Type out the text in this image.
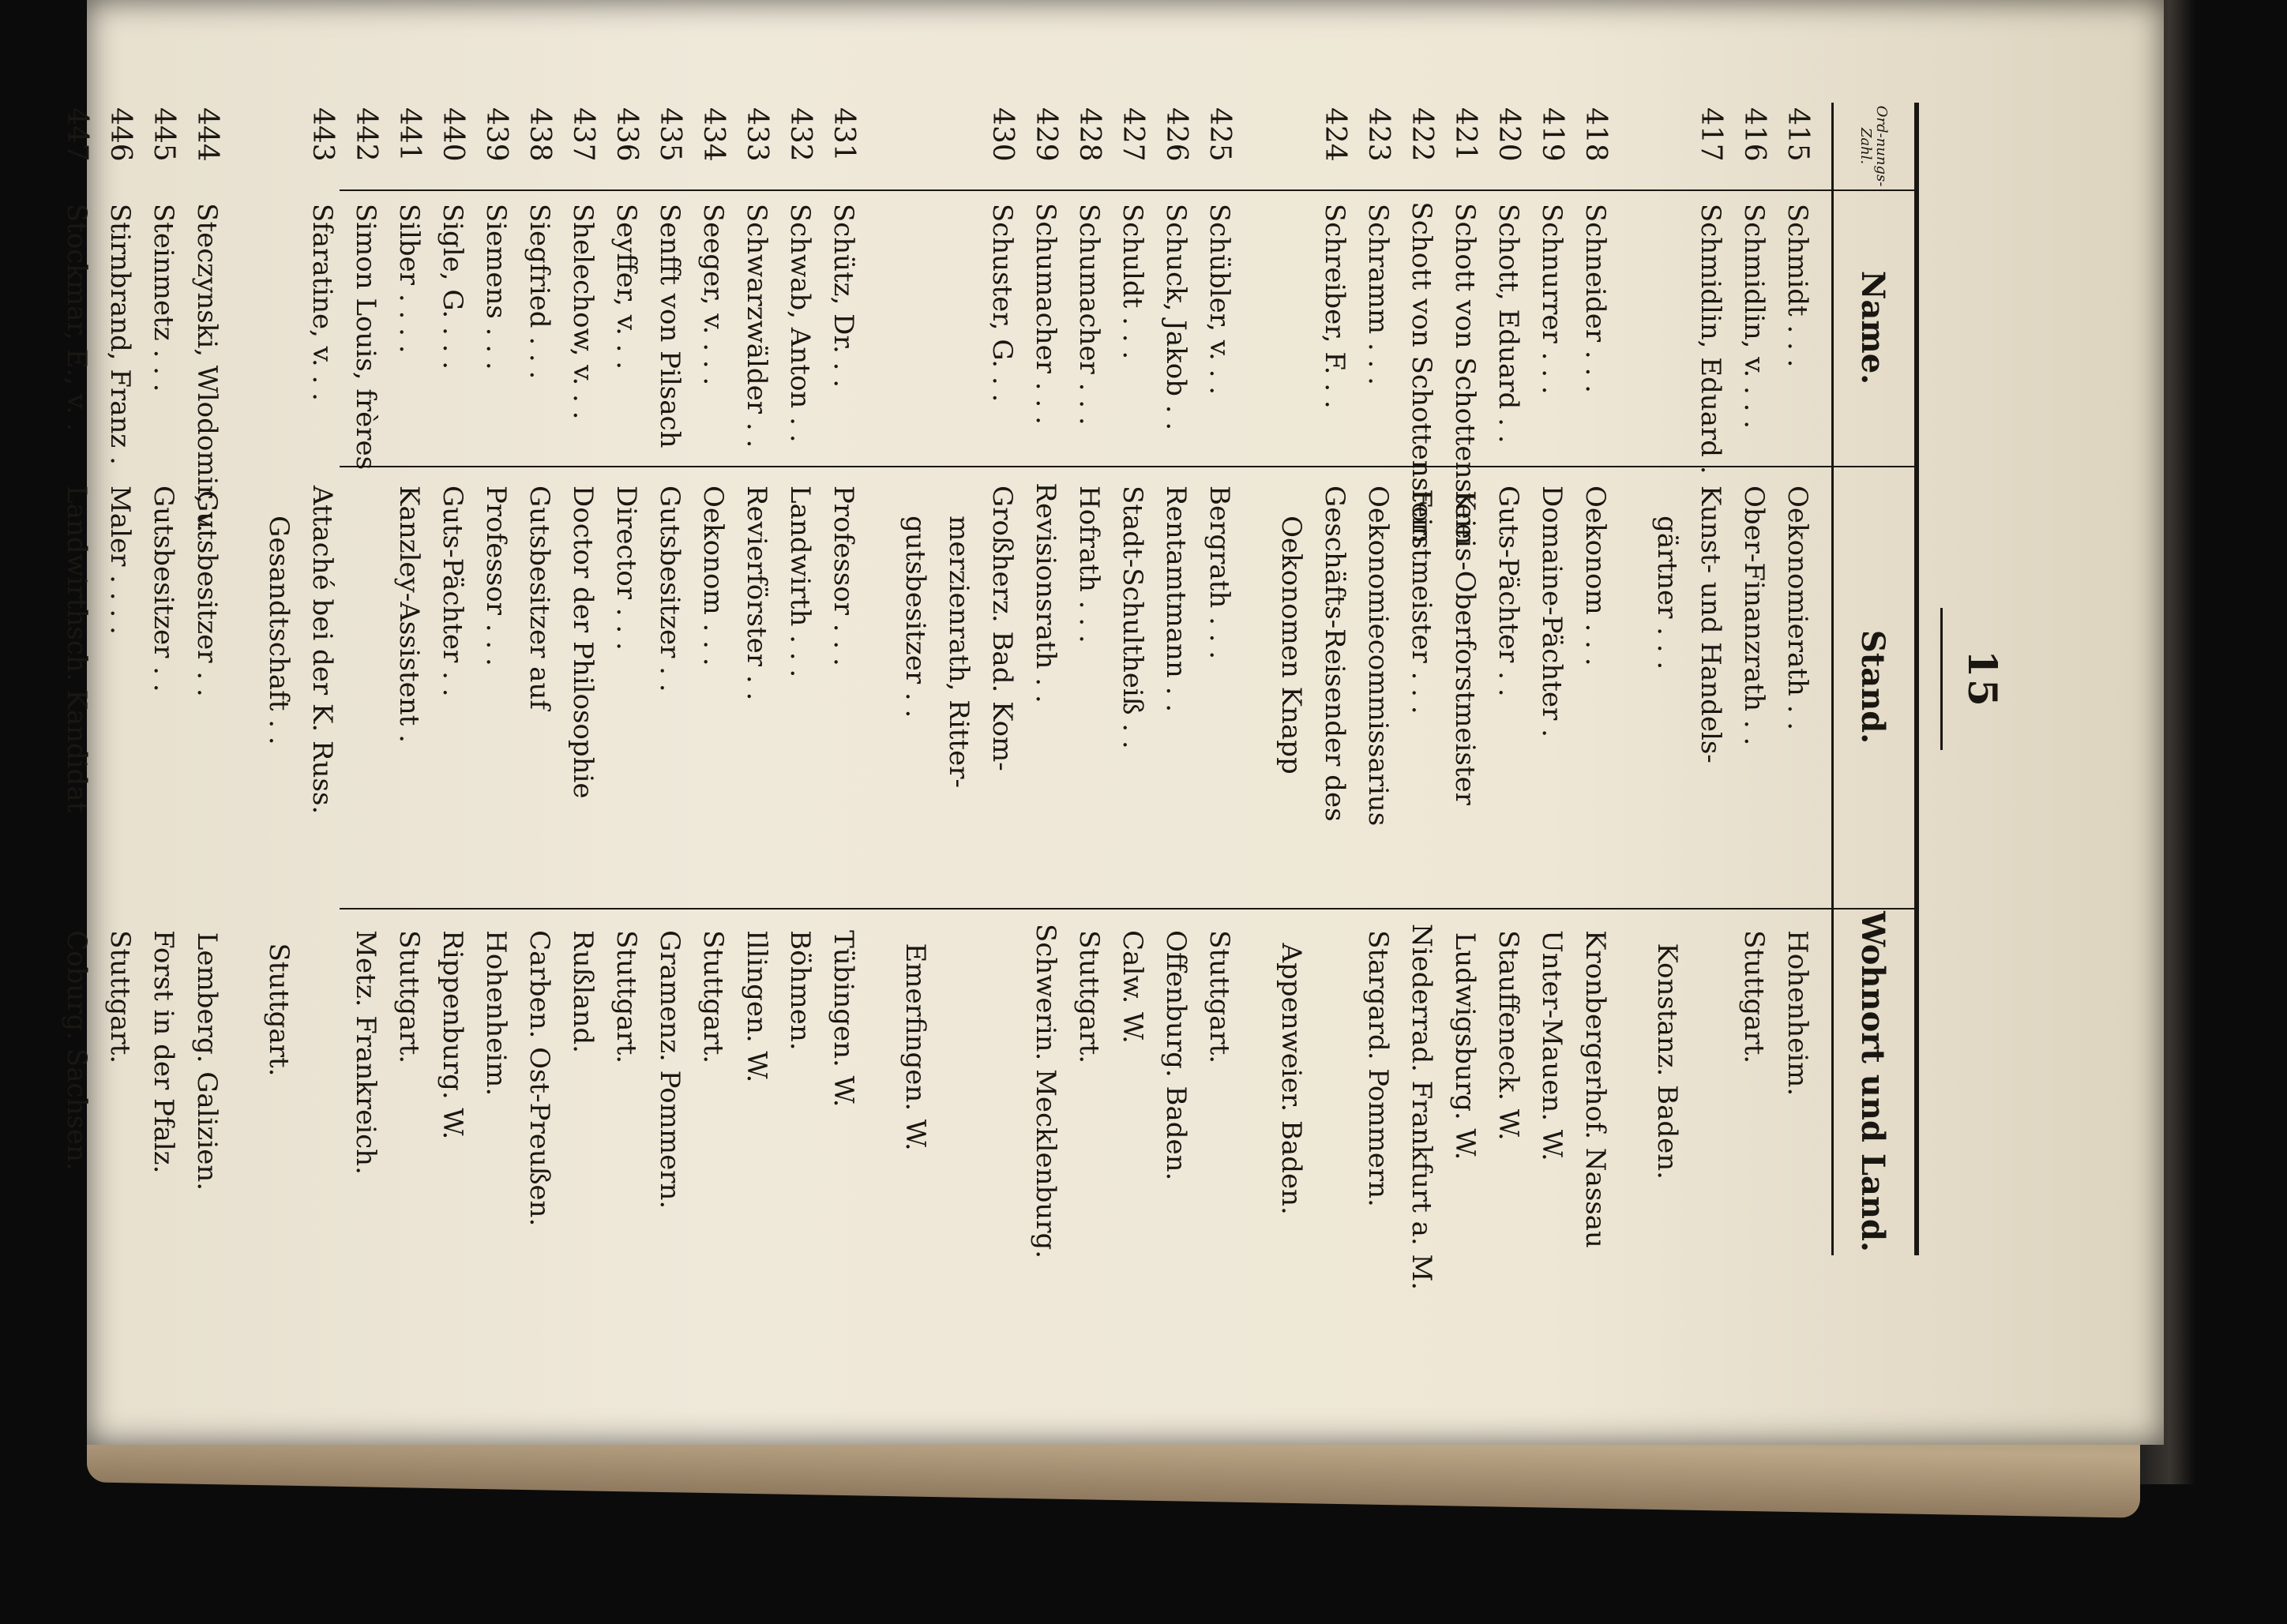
15
Ord-nungs-Zahl.
Name.
Stand.
Wohnort und Land.
415
Schmidt . . .
Oekonomierath . .
Hohenheim.
416
Schmidlin, v. . . .
Ober-Finanzrath . .
Stuttgart.
417
Schmidlin, Eduard .
Kunst- und Handels-
gärtner . . .
Konstanz. Baden.
418
Schneider . . .
Oekonom . . .
Kronbergerhof. Nassau
419
Schnurrer . . .
Domaine-Pächter .
Unter-Mauen. W.
420
Schott, Eduard . .
Guts-Pächter . .
Stauffeneck. W.
421
Schott von Schottenstein
Kreis-Oberforstmeister
Ludwigsburg. W.
422
Schott von Schottenstein
Forstmeister . . .
Niederrad. Frankfurt a. M.
423
Schramm . . .
Oekonomiecommissarius
Stargard. Pommern.
424
Schreiber, F. . .
Geschäfts-Reisender des
Oekonomen Knapp
Appenweier. Baden.
425
Schübler, v. . .
Bergrath . . .
Stuttgart.
426
Schuck, Jakob . .
Rentamtmann . .
Offenburg. Baden.
427
Schuldt . . .
Stadt-Schultheiß . .
Calw. W.
428
Schumacher . . .
Hofrath . . .
Stuttgart.
429
Schumacher . . .
Revisionsrath . .
Schwerin. Mecklenburg.
430
Schuster, G. . .
Großherz. Bad. Kom-
merzienrath, Ritter-
gutsbesitzer . .
Emerfingen. W.
431
Schütz, Dr. . .
Professor . . .
Tübingen. W.
432
Schwab, Anton . .
Landwirth . . .
Böhmen.
433
Schwarzwälder . .
Revierförster . .
Illingen. W.
434
Seeger, v. . . .
Oekonom . . .
Stuttgart.
435
Senfft von Pilsach
Gutsbesitzer . .
Gramenz. Pommern.
436
Seyffer, v. . .
Director . . .
Stuttgart.
437
Shelechow, v. . .
Doctor der Philosophie
Rußland.
438
Siegfried . . .
Gutsbesitzer auf
Carben. Ost-Preußen.
439
Siemens . . .
Professor . . .
Hohenheim.
440
Sigle, G. . . .
Guts-Pächter . .
Rippenburg. W.
441
Silber . . . .
Kanzley-Assistent .
Stuttgart.
442
Simon Louis, frères
Metz. Frankreich.
443
Sfaratine, v. . .
Attaché bei der K. Russ.
Gesandtschaft . .
Stuttgart.
444
Steczynski, Wlodomir, v.
Gutsbesitzer . .
Lemberg. Galizien.
445
Steinmetz . . .
Gutsbesitzer . .
Forst in der Pfalz.
446
Stirnbrand, Franz .
Maler . . . .
Stuttgart.
447
Stockmar, E., v. .
Landwirthsch. Kandidat
Coburg. Sachsen.
